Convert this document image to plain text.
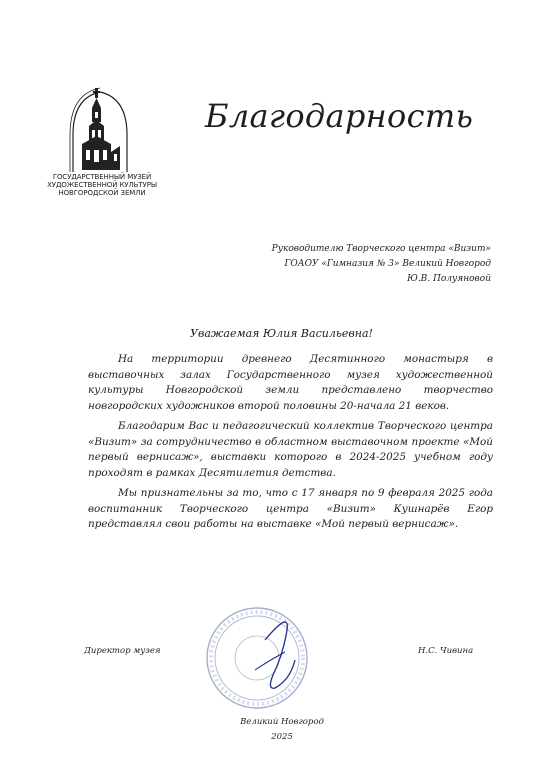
ГОСУДАРСТВЕННЫЙ МУЗЕЙ
ХУДОЖЕСТВЕННОЙ КУЛЬТУРЫ
НОВГОРОДСКОЙ ЗЕМЛИ
Благодарность
Руководителю Творческого центра «Визит»
ГОАОУ «Гимназия № 3» Великий Новгород
Ю.В. Полуяновой
Уважаемая Юлия Васильевна!

На территории древнего Десятинного монастыря в выставочных залах Государственного музея художественной культуры Новгородской земли представлено творчество новгородских художников второй половины 20-начала 21 веков.

Благодарим Вас и педагогический коллектив Творческого центра «Визит» за сотрудничество в областном выставочном проекте «Мой первый вернисаж», выставки которого в 2024-2025 учебном году проходят в рамках Десятилетия детства.

Мы признательны за то, что с 17 января по 9 февраля 2025 года воспитанник Творческого центра «Визит» Кушнарёв Егор представлял свои работы на выставке «Мой первый вернисаж».

Директор музея	Н.С. Чивина
Великий Новгород
2025
